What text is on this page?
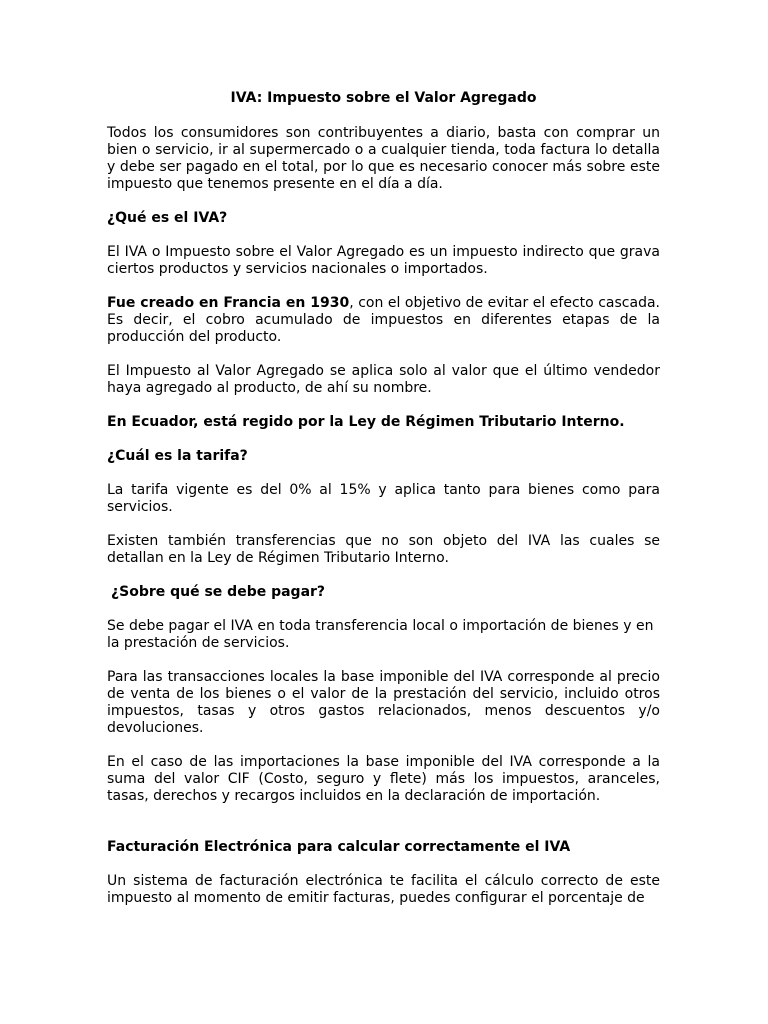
IVA: Impuesto sobre el Valor Agregado

Todos los consumidores son contribuyentes a diario, basta con comprar un bien o servicio, ir al supermercado o a cualquier tienda, toda factura lo detalla y debe ser pagado en el total, por lo que es necesario conocer más sobre este impuesto que tenemos presente en el día a día.

¿Qué es el IVA?

El IVA o Impuesto sobre el Valor Agregado es un impuesto indirecto que grava ciertos productos y servicios nacionales o importados.

Fue creado en Francia en 1930, con el objetivo de evitar el efecto cascada. Es decir, el cobro acumulado de impuestos en diferentes etapas de la producción del producto.

El Impuesto al Valor Agregado se aplica solo al valor que el último vendedor haya agregado al producto, de ahí su nombre.

En Ecuador, está regido por la Ley de Régimen Tributario Interno.
¿Cuál es la tarifa?

La tarifa vigente es del 0% al 15% y aplica tanto para bienes como para servicios.

Existen también transferencias que no son objeto del IVA las cuales se detallan en la Ley de Régimen Tributario Interno.

¿Sobre qué se debe pagar?

Se debe pagar el IVA en toda transferencia local o importación de bienes y en la prestación de servicios.

Para las transacciones locales la base imponible del IVA corresponde al precio de venta de los bienes o el valor de la prestación del servicio, incluido otros impuestos, tasas y otros gastos relacionados, menos descuentos y/o devoluciones.

En el caso de las importaciones la base imponible del IVA corresponde a la suma del valor CIF (Costo, seguro y flete) más los impuestos, aranceles, tasas, derechos y recargos incluidos en la declaración de importación.

Facturación Electrónica para calcular correctamente el IVA

Un sistema de facturación electrónica te facilita el cálculo correcto de este impuesto al momento de emitir facturas, puedes configurar el porcentaje de
